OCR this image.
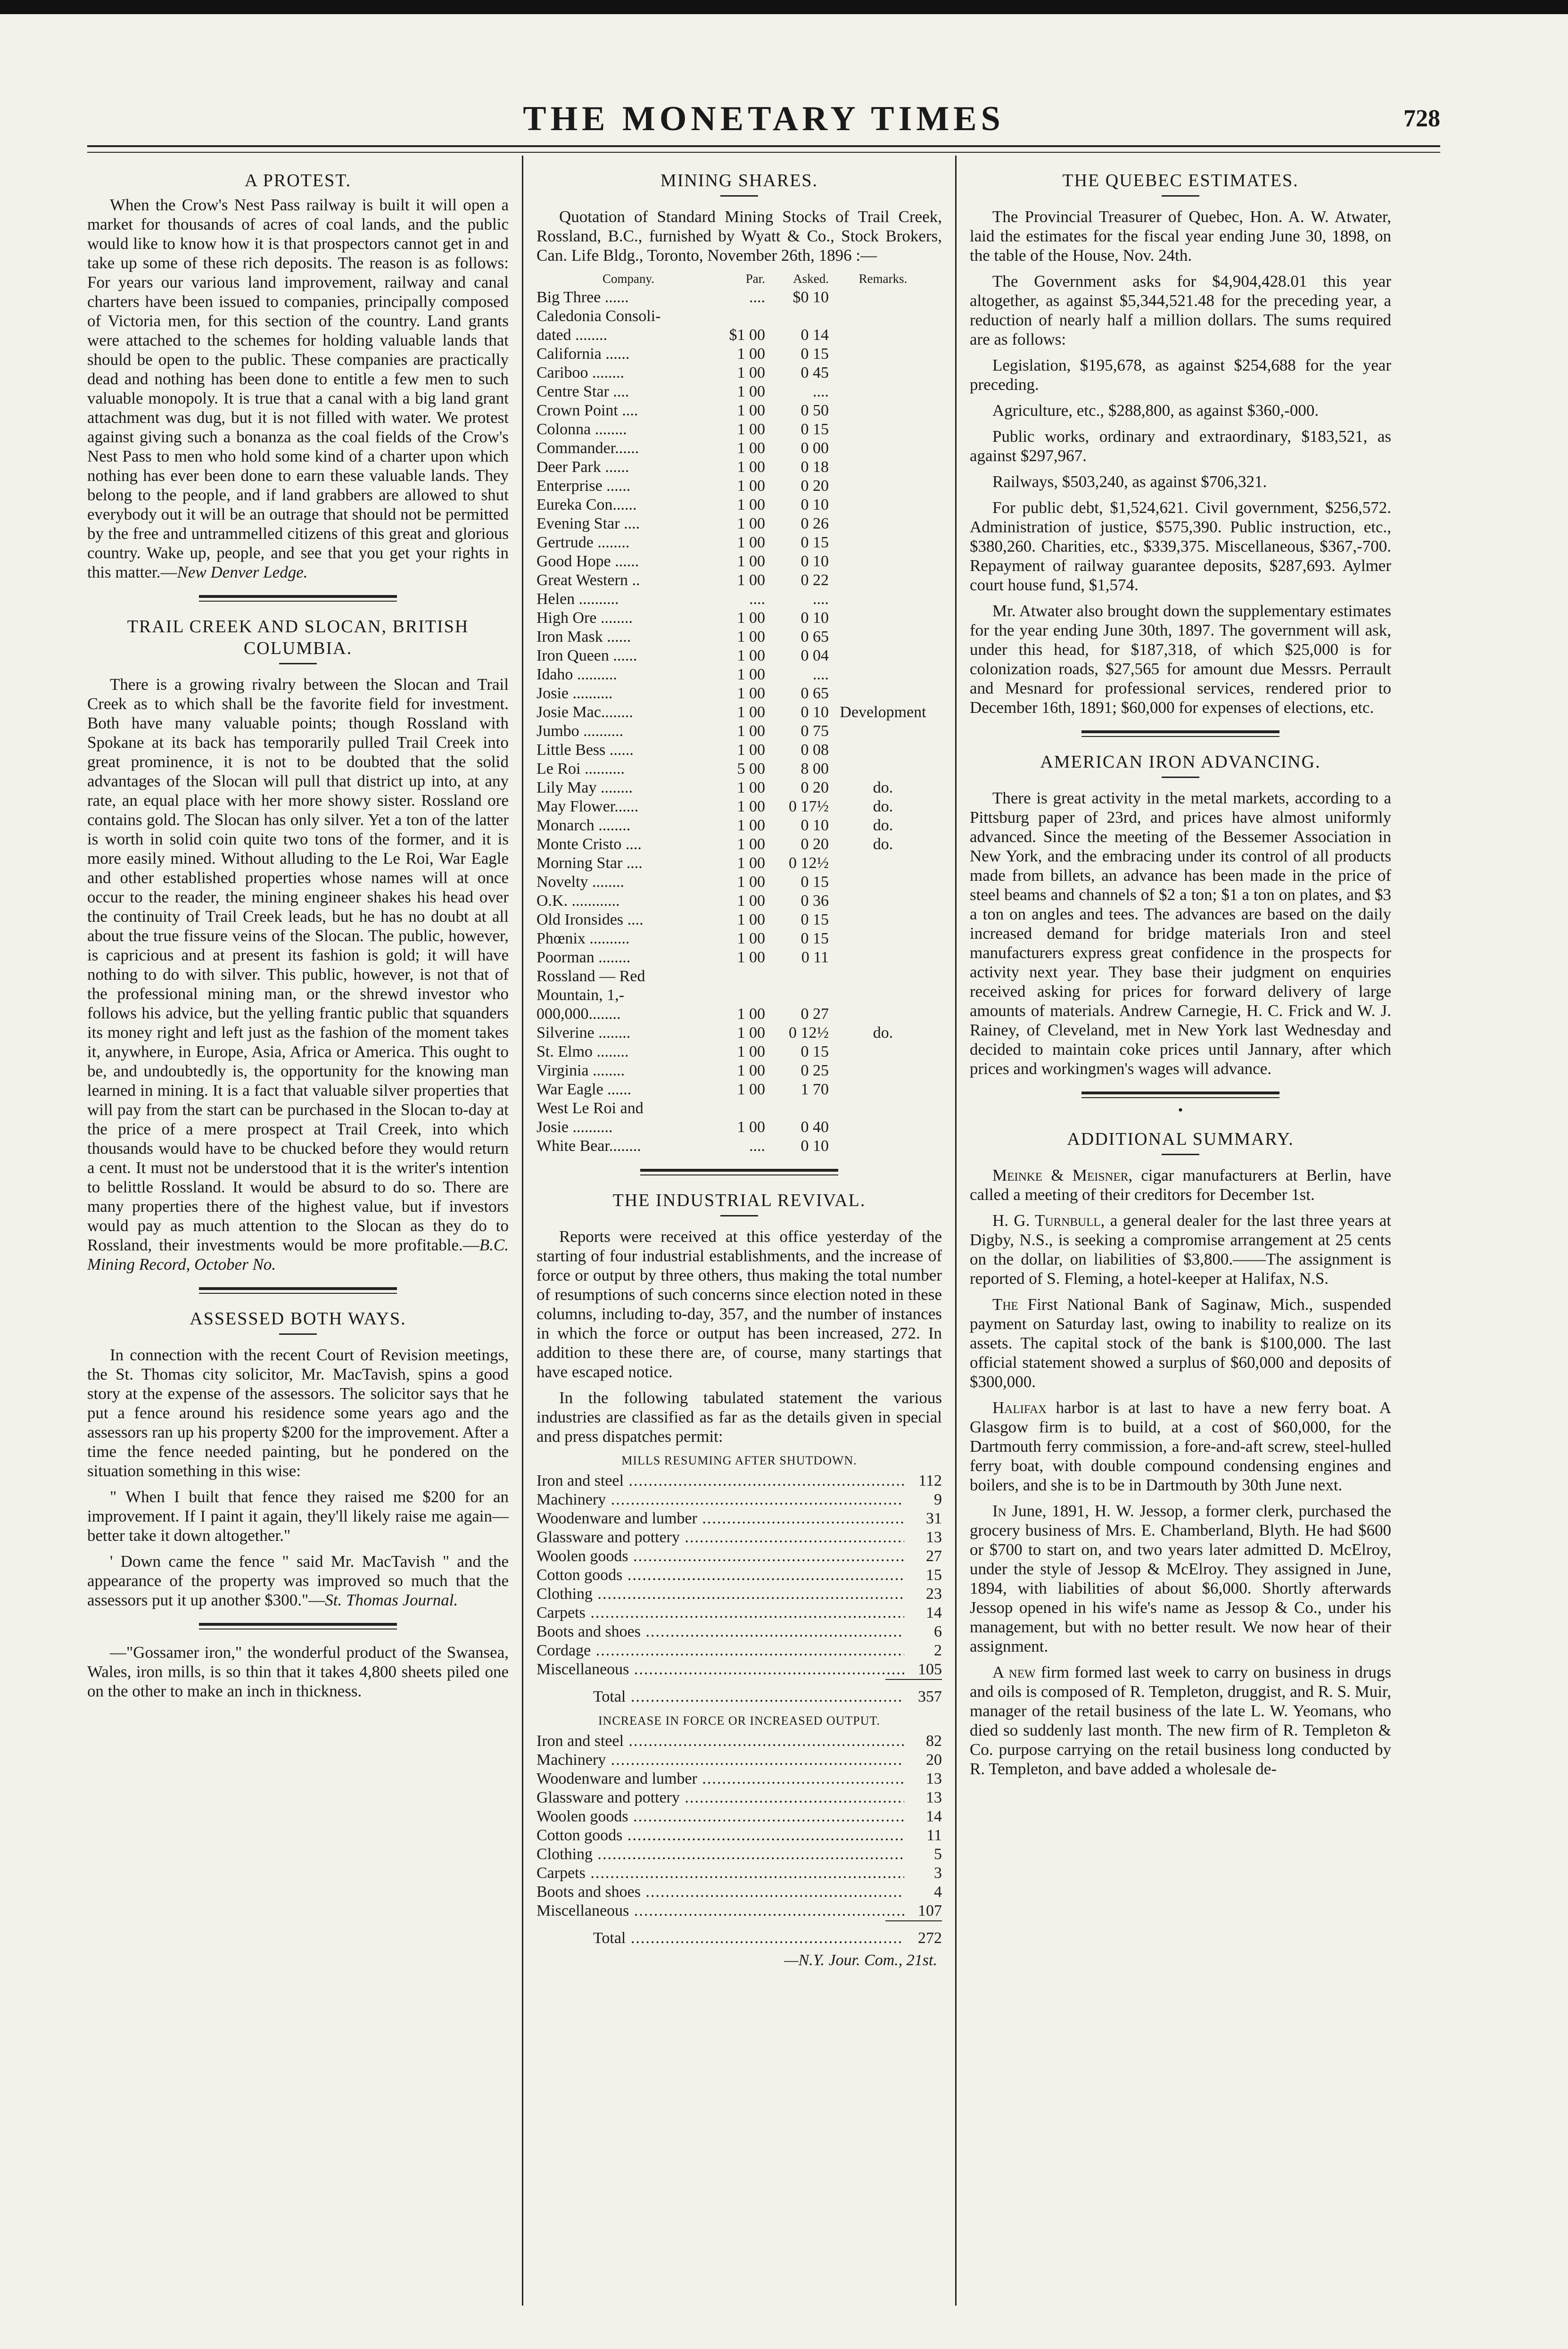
THE MONETARY TIMES	728
A PROTEST.

When the Crow's Nest Pass railway is built it will open a market for thousands of acres of coal lands, and the public would like to know how it is that prospectors cannot get in and take up some of these rich deposits. The reason is as follows: For years our various land improvement, railway and canal charters have been issued to companies, principally composed of Victoria men, for this section of the country. Land grants were attached to the schemes for holding valuable lands that should be open to the public. These companies are practically dead and nothing has been done to entitle a few men to such valuable monopoly. It is true that a canal with a big land grant attachment was dug, but it is not filled with water. We protest against giving such a bonanza as the coal fields of the Crow's Nest Pass to men who hold some kind of a charter upon which nothing has ever been done to earn these valuable lands. They belong to the people, and if land grabbers are allowed to shut everybody out it will be an outrage that should not be permitted by the free and untrammelled citizens of this great and glorious country. Wake up, people, and see that you get your rights in this matter.—New Denver Ledge.

TRAIL CREEK AND SLOCAN, BRITISH COLUMBIA.

There is a growing rivalry between the Slocan and Trail Creek as to which shall be the favorite field for investment. Both have many valuable points; though Rossland with Spokane at its back has temporarily pulled Trail Creek into great prominence, it is not to be doubted that the solid advantages of the Slocan will pull that district up into, at any rate, an equal place with her more showy sister. Rossland ore contains gold. The Slocan has only silver. Yet a ton of the latter is worth in solid coin quite two tons of the former, and it is more easily mined. Without alluding to the Le Roi, War Eagle and other established properties whose names will at once occur to the reader, the mining engineer shakes his head over the continuity of Trail Creek leads, but he has no doubt at all about the true fissure veins of the Slocan. The public, however, is capricious and at present its fashion is gold; it will have nothing to do with silver. This public, however, is not that of the professional mining man, or the shrewd investor who follows his advice, but the yelling frantic public that squanders its money right and left just as the fashion of the moment takes it, anywhere, in Europe, Asia, Africa or America. This ought to be, and undoubtedly is, the opportunity for the knowing man learned in mining. It is a fact that valuable silver properties that will pay from the start can be purchased in the Slocan to-day at the price of a mere prospect at Trail Creek, into which thousands would have to be chucked before they would return a cent. It must not be understood that it is the writer's intention to belittle Rossland. It would be absurd to do so. There are many properties there of the highest value, but if investors would pay as much attention to the Slocan as they do to Rossland, their investments would be more profitable.—B.C. Mining Record, October No.

ASSESSED BOTH WAYS.

In connection with the recent Court of Revision meetings, the St. Thomas city solicitor, Mr. MacTavish, spins a good story at the expense of the assessors. The solicitor says that he put a fence around his residence some years ago and the assessors ran up his property $200 for the improvement. After a time the fence needed painting, but he pondered on the situation something in this wise:

" When I built that fence they raised me $200 for an improvement. If I paint it again, they'll likely raise me again—better take it down altogether."

' Down came the fence " said Mr. MacTavish " and the appearance of the property was improved so much that the assessors put it up another $300."—St. Thomas Journal.

—"Gossamer iron," the wonderful product of the Swansea, Wales, iron mills, is so thin that it takes 4,800 sheets piled one on the other to make an inch in thickness.

MINING SHARES.

Quotation of Standard Mining Stocks of Trail Creek, Rossland, B.C., furnished by Wyatt & Co., Stock Brokers, Can. Life Bldg., Toronto, November 26th, 1896 :—

Company.	Par.	Asked.	Remarks.
Big Three ......	....	$0 10
Caledonia Consoli-
dated ........	$1 00	0 14
California ......	1 00	0 15
Cariboo ........	1 00	0 45
Centre Star ....	1 00	....
Crown Point ....	1 00	0 50
Colonna ........	1 00	0 15
Commander......	1 00	0 00
Deer Park ......	1 00	0 18
Enterprise ......	1 00	0 20
Eureka Con......	1 00	0 10
Evening Star ....	1 00	0 26
Gertrude ........	1 00	0 15
Good Hope ......	1 00	0 10
Great Western ..	1 00	0 22
Helen ..........	....	....
High Ore ........	1 00	0 10
Iron Mask ......	1 00	0 65
Iron Queen ......	1 00	0 04
Idaho ..........	1 00	....
Josie ..........	1 00	0 65
Josie Mac........	1 00	0 10 Development
Jumbo ..........	1 00	0 75
Little Bess ......	1 00	0 08
Le Roi ..........	5 00	8 00
Lily May ........	1 00	0 20	do.
May Flower......	1 00	0 17½	do.
Monarch ........	1 00	0 10	do.
Monte Cristo ....	1 00	0 20	do.
Morning Star ....	1 00	0 12½
Novelty ........	1 00	0 15
O.K. ............	1 00	0 36
Old Ironsides ....	1 00	0 15
Phœnix ..........	1 00	0 15
Poorman ........	1 00	0 11
Rossland — Red
Mountain, 1,-
000,000........	1 00	0 27
Silverine ........	1 00	0 12½	do.
St. Elmo ........	1 00	0 15
Virginia ........	1 00	0 25
War Eagle ......	1 00	1 70
West Le Roi and
Josie ..........	1 00	0 40
White Bear........	....	0 10
THE INDUSTRIAL REVIVAL.

Reports were received at this office yesterday of the starting of four industrial establishments, and the increase of force or output by three others, thus making the total number of resumptions of such concerns since election noted in these columns, including to-day, 357, and the number of instances in which the force or output has been increased, 272. In addition to these there are, of course, many startings that have escaped notice.

In the following tabulated statement the various industries are classified as far as the details given in special and press dispatches permit:

MILLS RESUMING AFTER SHUTDOWN.
Iron and steel .....	112
Machinery .....	9
Woodenware and lumber .....	31
Glassware and pottery .....	13
Woolen goods .....	27
Cotton goods .....	15
Clothing .....	23
Carpets .....	14
Boots and shoes .....	6
Cordage .....	2
Miscellaneous .....	105
Total .....	357
INCREASE IN FORCE OR INCREASED OUTPUT.
Iron and steel .....	82
Machinery .....	20
Woodenware and lumber .....	13
Glassware and pottery .....	13
Woolen goods .....	14
Cotton goods .....	11
Clothing .....	5
Carpets .....	3
Boots and shoes .....	4
Miscellaneous .....	107
Total .....	272
—N.Y. Jour. Com., 21st.
THE QUEBEC ESTIMATES.

The Provincial Treasurer of Quebec, Hon. A. W. Atwater, laid the estimates for the fiscal year ending June 30, 1898, on the table of the House, Nov. 24th.

The Government asks for $4,904,428.01 this year altogether, as against $5,344,521.48 for the preceding year, a reduction of nearly half a million dollars. The sums required are as follows:

Legislation, $195,678, as against $254,688 for the year preceding.

Agriculture, etc., $288,800, as against $360,-000.

Public works, ordinary and extraordinary, $183,521, as against $297,967.

Railways, $503,240, as against $706,321.

For public debt, $1,524,621. Civil government, $256,572. Administration of justice, $575,390. Public instruction, etc., $380,260. Charities, etc., $339,375. Miscellaneous, $367,-700. Repayment of railway guarantee deposits, $287,693. Aylmer court house fund, $1,574.

Mr. Atwater also brought down the supplementary estimates for the year ending June 30th, 1897. The government will ask, under this head, for $187,318, of which $25,000 is for colonization roads, $27,565 for amount due Messrs. Perrault and Mesnard for professional services, rendered prior to December 16th, 1891; $60,000 for expenses of elections, etc.

AMERICAN IRON ADVANCING.

There is great activity in the metal markets, according to a Pittsburg paper of 23rd, and prices have almost uniformly advanced. Since the meeting of the Bessemer Association in New York, and the embracing under its control of all products made from billets, an advance has been made in the price of steel beams and channels of $2 a ton; $1 a ton on plates, and $3 a ton on angles and tees. The advances are based on the daily increased demand for bridge materials Iron and steel manufacturers express great confidence in the prospects for activity next year. They base their judgment on enquiries received asking for prices for forward delivery of large amounts of materials. Andrew Carnegie, H. C. Frick and W. J. Rainey, of Cleveland, met in New York last Wednesday and decided to maintain coke prices until Jannary, after which prices and workingmen's wages will advance.

•
ADDITIONAL SUMMARY.

Meinke & Meisner, cigar manufacturers at Berlin, have called a meeting of their creditors for December 1st.

H. G. Turnbull, a general dealer for the last three years at Digby, N.S., is seeking a compromise arrangement at 25 cents on the dollar, on liabilities of $3,800.——The assignment is reported of S. Fleming, a hotel-keeper at Halifax, N.S.

The First National Bank of Saginaw, Mich., suspended payment on Saturday last, owing to inability to realize on its assets. The capital stock of the bank is $100,000. The last official statement showed a surplus of $60,000 and deposits of $300,000.

Halifax harbor is at last to have a new ferry boat. A Glasgow firm is to build, at a cost of $60,000, for the Dartmouth ferry commission, a fore-and-aft screw, steel-hulled ferry boat, with double compound condensing engines and boilers, and she is to be in Dartmouth by 30th June next.

In June, 1891, H. W. Jessop, a former clerk, purchased the grocery business of Mrs. E. Chamberland, Blyth. He had $600 or $700 to start on, and two years later admitted D. McElroy, under the style of Jessop & McElroy. They assigned in June, 1894, with liabilities of about $6,000. Shortly afterwards Jessop opened in his wife's name as Jessop & Co., under his management, but with no better result. We now hear of their assignment.

A new firm formed last week to carry on business in drugs and oils is composed of R. Templeton, druggist, and R. S. Muir, manager of the retail business of the late L. W. Yeomans, who died so suddenly last month. The new firm of R. Templeton & Co. purpose carrying on the retail business long conducted by R. Templeton, and bave added a wholesale de-
